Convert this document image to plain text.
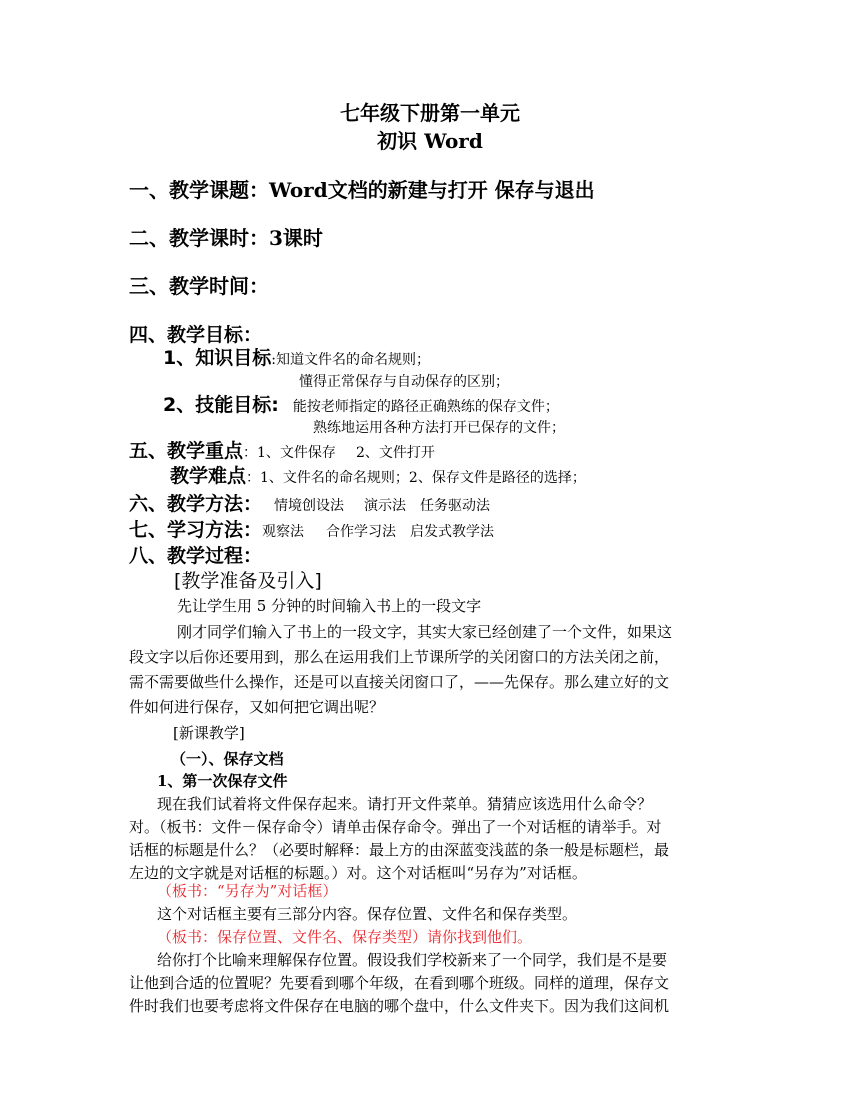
七年级下册第一单元
初识 Word
一、教学课题：Word文档的新建与打开 保存与退出
二、教学课时：3课时
三、教学时间：
四、教学目标：
1、知识目标:知道文件名的命名规则；
懂得正常保存与自动保存的区别；
2、技能目标: 能按老师指定的路径正确熟练的保存文件；
熟练地运用各种方法打开已保存的文件；
五、教学重点：1、文件保存 2、文件打开
教学难点：1、文件名的命名规则；2、保存文件是路径的选择；
六、教学方法： 情境创设法 演示法 任务驱动法
七、学习方法：观察法 合作学习法 启发式教学法
八、教学过程：
[教学准备及引入]
先让学生用 5 分钟的时间输入书上的一段文字
刚才同学们输入了书上的一段文字，其实大家已经创建了一个文件，如果这
段文字以后你还要用到，那么在运用我们上节课所学的关闭窗口的方法关闭之前，
需不需要做些什么操作，还是可以直接关闭窗口了，——先保存。那么建立好的文
件如何进行保存，又如何把它调出呢？
[新课教学]
（一）、保存文档
1、第一次保存文件
现在我们试着将文件保存起来。请打开文件菜单。猜猜应该选用什么命令？
对。（板书：文件－保存命令）请单击保存命令。弹出了一个对话框的请举手。对
话框的标题是什么？（必要时解释：最上方的由深蓝变浅蓝的条一般是标题栏，最
左边的文字就是对话框的标题。）对。这个对话框叫“另存为”对话框。
（板书：“另存为”对话框）
这个对话框主要有三部分内容。保存位置、文件名和保存类型。
（板书：保存位置、文件名、保存类型）请你找到他们。
给你打个比喻来理解保存位置。假设我们学校新来了一个同学，我们是不是要
让他到合适的位置呢？先要看到哪个年级，在看到哪个班级。同样的道理，保存文
件时我们也要考虑将文件保存在电脑的哪个盘中，什么文件夹下。因为我们这间机
